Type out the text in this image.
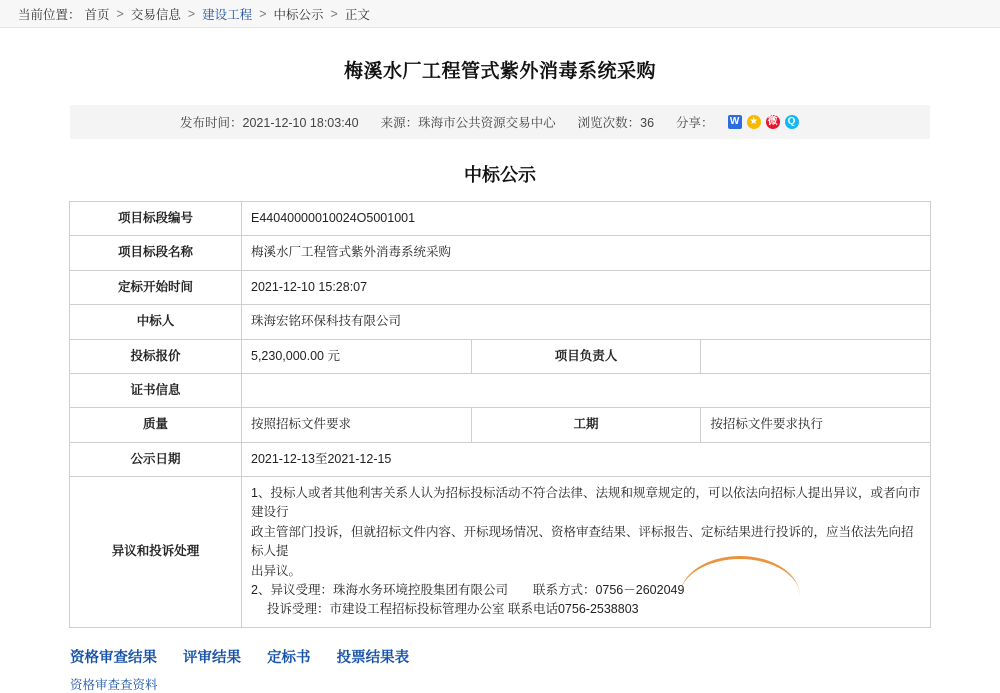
当前位置： 首页 > 交易信息 > 建设工程 > 中标公示 > 正文
梅溪水厂工程管式紫外消毒系统采购
发布时间：2021-12-10 18:03:40 来源：珠海市公共资源交易中心 浏览次数：36 分享： W ★ 微	Q
中标公示
项目标段编号	E44040000010024O5001001		
项目标段名称	梅溪水厂工程管式紫外消毒系统采购		
定标开始时间	2021-12-10 15:28:07		
中标人	珠海宏铭环保科技有限公司		
投标报价	5,230,000.00 元	项目负责人	
证书信息			
质量	按照招标文件要求	工期	按招标文件要求执行
公示日期	2021-12-13至2021-12-15		
异议和投诉处理	1、投标人或者其他利害关系人认为招标投标活动不符合法律、法规和规章规定的，可以依法向招标人提出异议，或者向市建设行
政主管部门投诉，但就招标文件内容、开标现场情况、资格审查结果、评标报告、定标结果进行投诉的，应当依法先向招标人提
出异议。
2、异议受理：珠海水务环境控股集团有限公司　　联系方式：0756－2602049
投诉受理：市建设工程招标投标管理办公室 联系电话0756-2538803		
资格审查结果 评审结果 定标书 投票结果表
资格审查查资料
